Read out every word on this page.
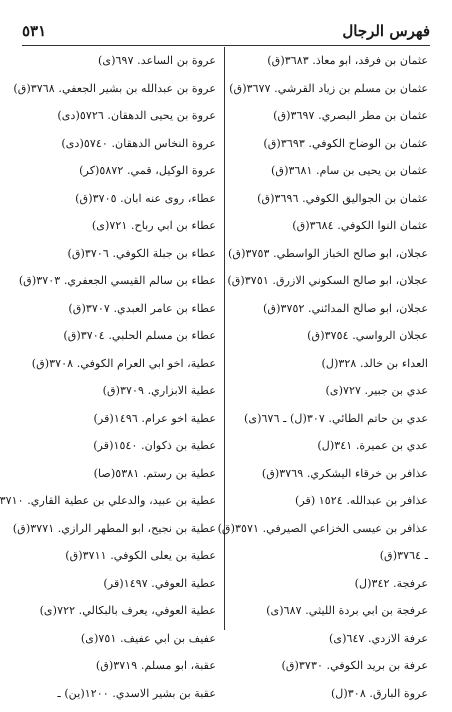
فهرس الرجال
٥٣١
عثمان بن فرقد، ابو معاذ. ٣٦٨٣(ق)
عثمان بن مسلم بن زياد القرشي. ٣٦٧٧(ق)
عثمان بن مطر البصري. ٣٦٩٧(ق)
عثمان بن الوضاح الكوفي. ٣٦٩٣(ق)
عثمان بن يحيى بن سام. ٣٦٨١(ق)
عثمان بن الجواليق الكوفي. ٣٦٩٦(ق)
عثمان النوا الكوفي. ٣٦٨٤(ق)
عجلان، ابو صالح الخباز الواسطي. ٣٧٥٣(ق)
عجلان، ابو صالح السكوني الازرق. ٣٧٥١(ق)
عجلان، ابو صالح المدائني. ٣٧٥٢(ق)
عجلان الرواسي. ٣٧٥٤(ق)
العداء بن خالد. ٣٢٨(ل)
عدي بن جبير. ٧٢٧(ى)
عدي بن حاتم الطائي. ٣٠٧(ل) ـ ٦٧٦(ى)
عدي بن عميرة. ٣٤١(ل)
عذافر بن خرقاء اليشكري. ٣٧٦٩(ق)
عذافر بن عبدالله. ١٥٢٤ (قر)
عذافر بن عيسى الخزاعي الصيرفي. ٣٥٧١(ق)
ـ ٣٧٦٤(ق)
عرفجة. ٣٤٢(ل)
عرفجة بن ابي بردة الليثي. ٦٨٧(ى)
عرفة الازدي. ٦٤٧(ى)
عرفة بن بريد الكوفي. ٣٧٣٠(ق)
عروة البارق. ٣٠٨(ل)
عروة بن الساعد. ٦٩٧(ى)
عروة بن عبدالله بن بشير الجعفي. ٣٧٦٨(ق)
عروة بن يحيى الدهقان. ٥٧٢٦(دى)
عروة النخاس الدهقان. ٥٧٤٠(دى)
عروة الوكيل، قمي. ٥٨٧٢(كر)
عطاء، روى عنه ابان. ٣٧٠٥(ق)
عطاء بن ابي رباح. ٧٢١(ى)
عطاء بن جبلة الكوفي. ٣٧٠٦(ق)
عطاء بن سالم القيسي الجعفري. ٣٧٠٣(ق)
عطاء بن عامر العبدي. ٣٧٠٧(ق)
عطاء بن مسلم الحلبي. ٣٧٠٤(ق)
عطية، اخو ابي العرام الكوفي. ٣٧٠٨(ق)
عطية الابزاري. ٣٧٠٩(ق)
عطية اخو عرام. ١٤٩٦(قر)
عطية بن ذكوان. ١٥٤٠(قر)
عطية بن رستم. ٥٣٨١(صا)
عطية بن عبيد، والدعلي بن عطية القاري. ٣٧١٠
عطية بن نجيح، ابو المطهر الرازي. ٣٧٧١(ق)
عطية بن يعلى الكوفي. ٣٧١١(ق)
عطية العوفي. ١٤٩٧(قر)
عطية العوفي، يعرف بالبكالي. ٧٢٢(ى)
عفيف بن ابي عفيف. ٧٥١(ى)
عقبة، ابو مسلم. ٣٧١٩(ق)
عقبة بن بشير الاسدي. ١٢٠٠(ين) ـ
